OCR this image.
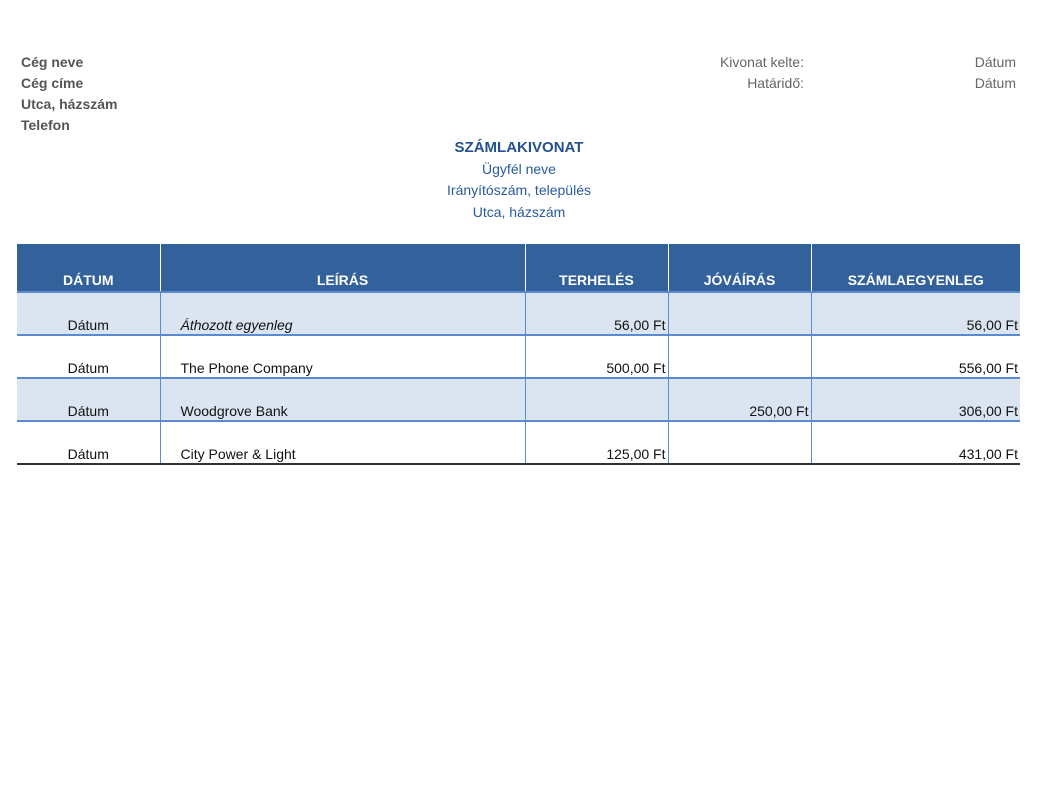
Cég neve
Cég címe
Utca, házszám
Telefon
Kivonat kelte:
Határidő:
Dátum
Dátum
SZÁMLAKIVONAT
Ügyfél neve
Irányítószám, település
Utca, házszám
DÁTUM	LEÍRÁS	TERHELÉS	JÓVÁÍRÁS	SZÁMLAEGYENLEG
Dátum	Áthozott egyenleg	56,00 Ft		56,00 Ft
Dátum	The Phone Company	500,00 Ft		556,00 Ft
Dátum	Woodgrove Bank		250,00 Ft	306,00 Ft
Dátum	City Power & Light	125,00 Ft		431,00 Ft
